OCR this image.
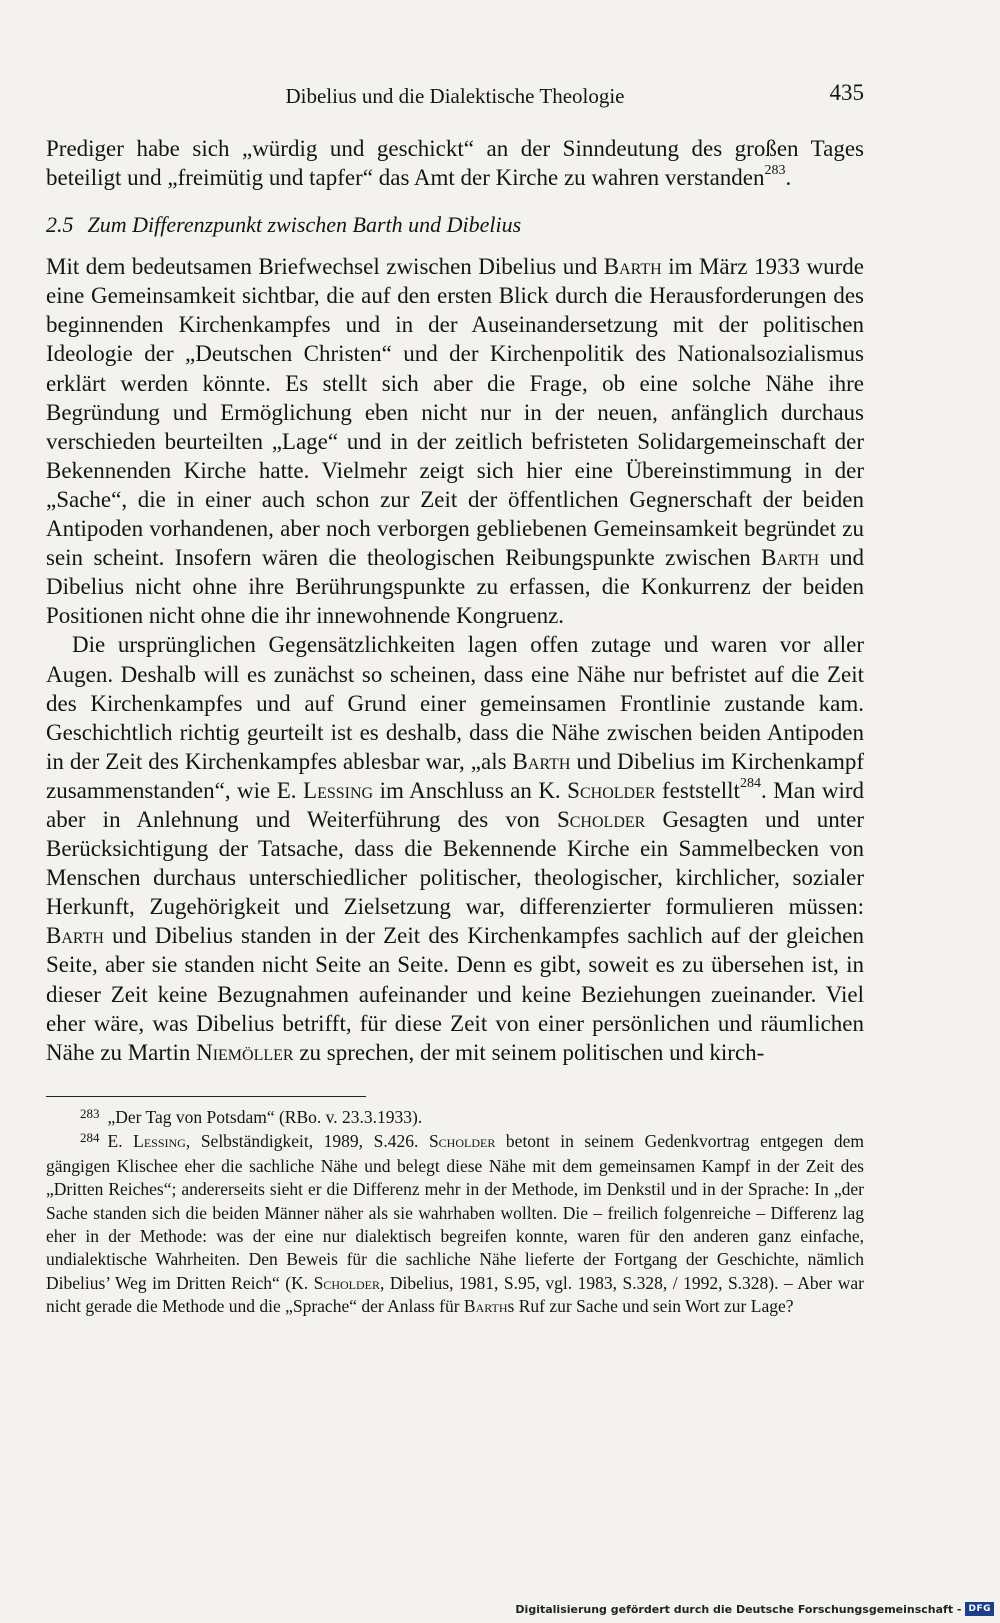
Dibelius und die Dialektische Theologie	435

Prediger habe sich „würdig und geschickt“ an der Sinndeutung des großen Tages beteiligt und „freimütig und tapfer“ das Amt der Kirche zu wahren verstanden$^{283}$.

2.5 Zum Differenzpunkt zwischen Barth und Dibelius

Mit dem bedeutsamen Briefwechsel zwischen Dibelius und Barth im März 1933 wurde eine Gemeinsamkeit sichtbar, die auf den ersten Blick durch die Herausforderungen des beginnenden Kirchenkampfes und in der Auseinandersetzung mit der politischen Ideologie der „Deutschen Christen“ und der Kirchenpolitik des Nationalsozialismus erklärt werden könnte. Es stellt sich aber die Frage, ob eine solche Nähe ihre Begründung und Ermöglichung eben nicht nur in der neuen, anfänglich durchaus verschieden beurteilten „Lage“ und in der zeitlich befristeten Solidargemeinschaft der Bekennenden Kirche hatte. Vielmehr zeigt sich hier eine Übereinstimmung in der „Sache“, die in einer auch schon zur Zeit der öffentlichen Gegnerschaft der beiden Antipoden vorhandenen, aber noch verborgen gebliebenen Gemeinsamkeit begründet zu sein scheint. Insofern wären die theologischen Reibungspunkte zwischen Barth und Dibelius nicht ohne ihre Berührungspunkte zu erfassen, die Konkurrenz der beiden Positionen nicht ohne die ihr innewohnende Kongruenz.

Die ursprünglichen Gegensätzlichkeiten lagen offen zutage und waren vor aller Augen. Deshalb will es zunächst so scheinen, dass eine Nähe nur befristet auf die Zeit des Kirchenkampfes und auf Grund einer gemeinsamen Frontlinie zustande kam. Geschichtlich richtig geurteilt ist es deshalb, dass die Nähe zwischen beiden Antipoden in der Zeit des Kirchenkampfes ablesbar war, „als Barth und Dibelius im Kirchenkampf zusammenstanden“, wie E. Lessing im Anschluss an K. Scholder feststellt$^{284}$. Man wird aber in Anlehnung und Weiterführung des von Scholder Gesagten und unter Berücksichtigung der Tatsache, dass die Bekennende Kirche ein Sammelbecken von Menschen durchaus unterschiedlicher politischer, theologischer, kirchlicher, sozialer Herkunft, Zugehörigkeit und Zielsetzung war, differenzierter formulieren müssen: Barth und Dibelius standen in der Zeit des Kirchenkampfes sachlich auf der gleichen Seite, aber sie standen nicht Seite an Seite. Denn es gibt, soweit es zu übersehen ist, in dieser Zeit keine Bezugnahmen aufeinander und keine Beziehungen zueinander. Viel eher wäre, was Dibelius betrifft, für diese Zeit von einer persönlichen und räumlichen Nähe zu Martin Niemöller zu sprechen, der mit seinem politischen und kirch-

$^{283}$ „Der Tag von Potsdam“ (RBo. v. 23.3.1933).

$^{284}$ E. Lessing, Selbständigkeit, 1989, S.426. Scholder betont in seinem Gedenkvortrag entgegen dem gängigen Klischee eher die sachliche Nähe und belegt diese Nähe mit dem gemeinsamen Kampf in der Zeit des „Dritten Reiches“; andererseits sieht er die Differenz mehr in der Methode, im Denkstil und in der Sprache: In „der Sache standen sich die beiden Männer näher als sie wahrhaben wollten. Die – freilich folgenreiche – Differenz lag eher in der Methode: was der eine nur dialektisch begreifen konnte, waren für den anderen ganz einfache, undialektische Wahrheiten. Den Beweis für die sachliche Nähe lieferte der Fortgang der Geschichte, nämlich Dibelius’ Weg im Dritten Reich“ (K. Scholder, Dibelius, 1981, S.95, vgl. 1983, S.328, / 1992, S.328). – Aber war nicht gerade die Methode und die „Sprache“ der Anlass für Barths Ruf zur Sache und sein Wort zur Lage?

Digitalisierung gefördert durch die Deutsche Forschungsgemeinschaft - DFG
